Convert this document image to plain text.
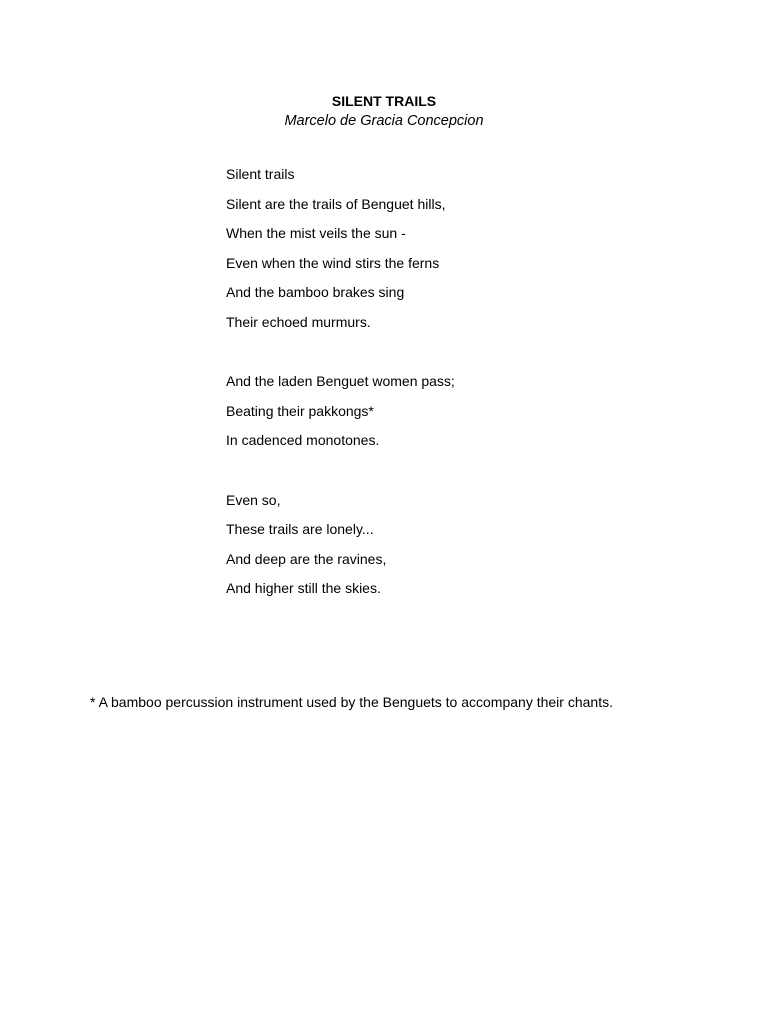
SILENT TRAILS
Marcelo de Gracia Concepcion
Silent trails
Silent are the trails of Benguet hills,
When the mist veils the sun -
Even when the wind stirs the ferns
And the bamboo brakes sing
Their echoed murmurs.
And the laden Benguet women pass;
Beating their pakkongs*
In cadenced monotones.
Even so,
These trails are lonely...
And deep are the ravines,
And higher still the skies.
* A bamboo percussion instrument used by the Benguets to accompany their chants.
